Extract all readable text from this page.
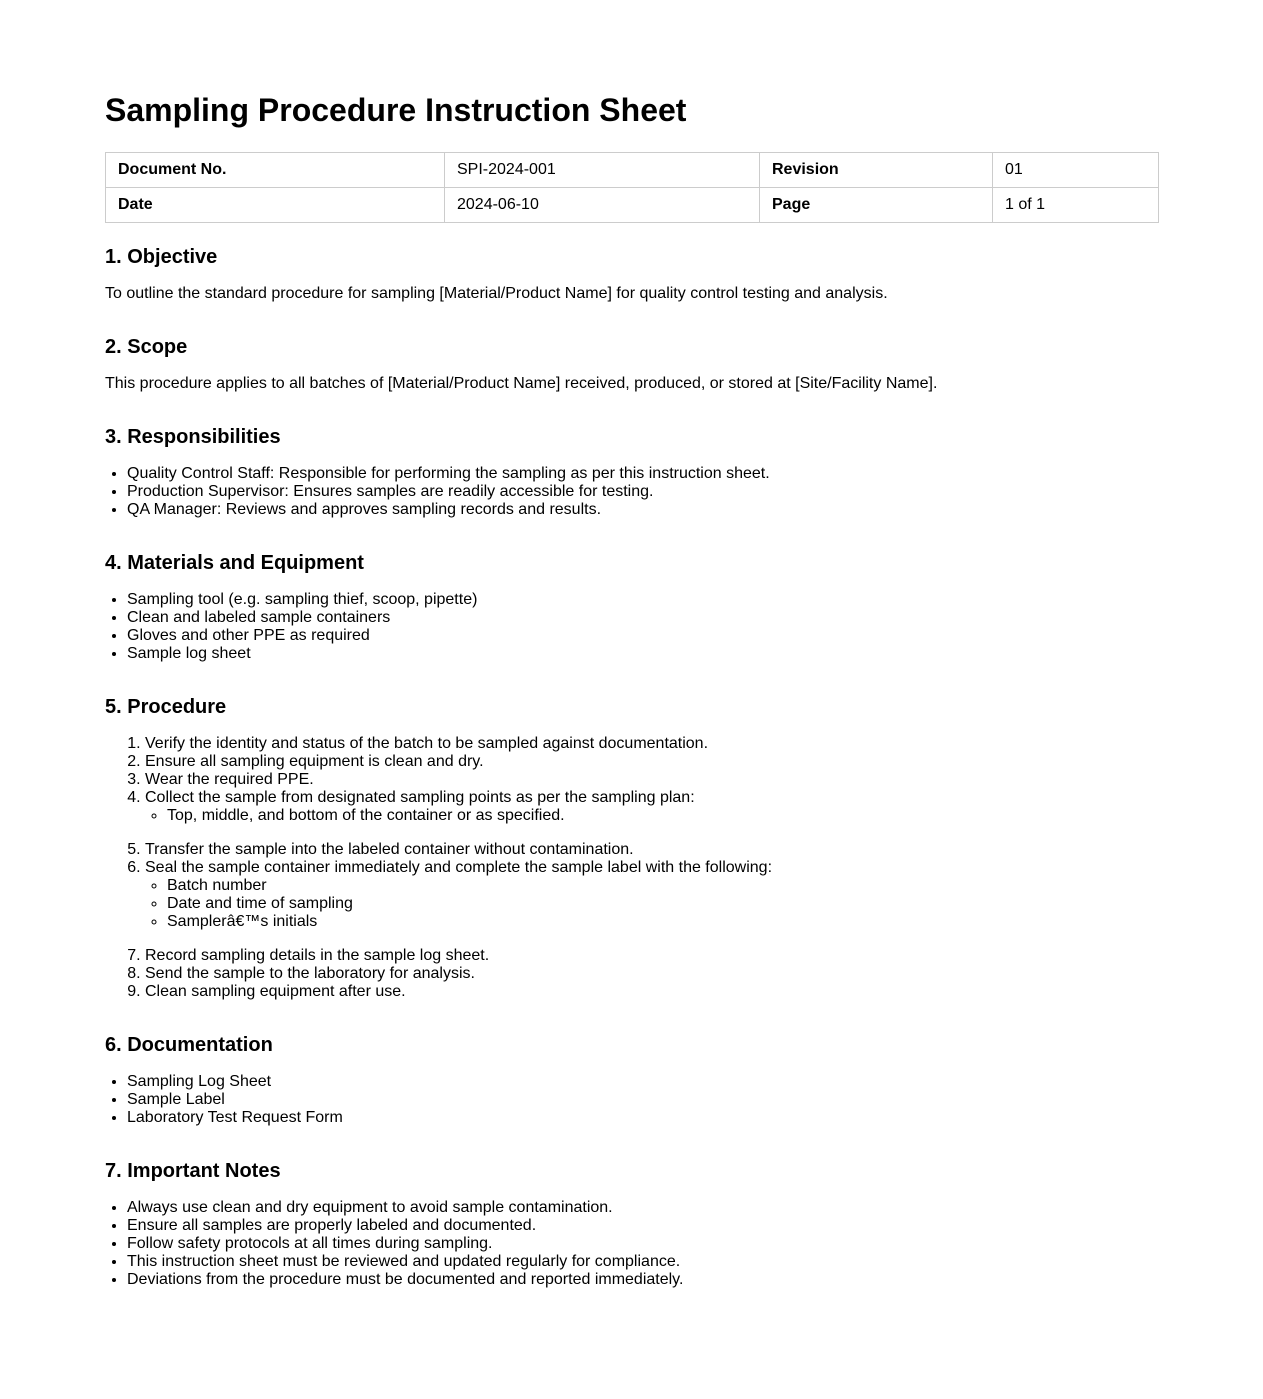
Sampling Procedure Instruction Sheet
Document No.	SPI-2024-001	Revision	01
Date	2024-06-10	Page	1 of 1
1. Objective

To outline the standard procedure for sampling [Material/Product Name] for quality control testing and analysis.

2. Scope

This procedure applies to all batches of [Material/Product Name] received, produced, or stored at [Site/Facility Name].

3. Responsibilities
• Quality Control Staff: Responsible for performing the sampling as per this instruction sheet.
• Production Supervisor: Ensures samples are readily accessible for testing.
• QA Manager: Reviews and approves sampling records and results.
4. Materials and Equipment
• Sampling tool (e.g. sampling thief, scoop, pipette)
• Clean and labeled sample containers
• Gloves and other PPE as required
• Sample log sheet
5. Procedure
1. Verify the identity and status of the batch to be sampled against documentation.
2. Ensure all sampling equipment is clean and dry.
3. Wear the required PPE.
4. Collect the sample from designated sampling points as per the sampling plan:
◦ Top, middle, and bottom of the container or as specified.
5. Transfer the sample into the labeled container without contamination.
6. Seal the sample container immediately and complete the sample label with the following:
◦ Batch number
◦ Date and time of sampling
◦ Samplerâ€™s initials
7. Record sampling details in the sample log sheet.
8. Send the sample to the laboratory for analysis.
9. Clean sampling equipment after use.
6. Documentation
• Sampling Log Sheet
• Sample Label
• Laboratory Test Request Form
7. Important Notes
• Always use clean and dry equipment to avoid sample contamination.
• Ensure all samples are properly labeled and documented.
• Follow safety protocols at all times during sampling.
• This instruction sheet must be reviewed and updated regularly for compliance.
• Deviations from the procedure must be documented and reported immediately.
